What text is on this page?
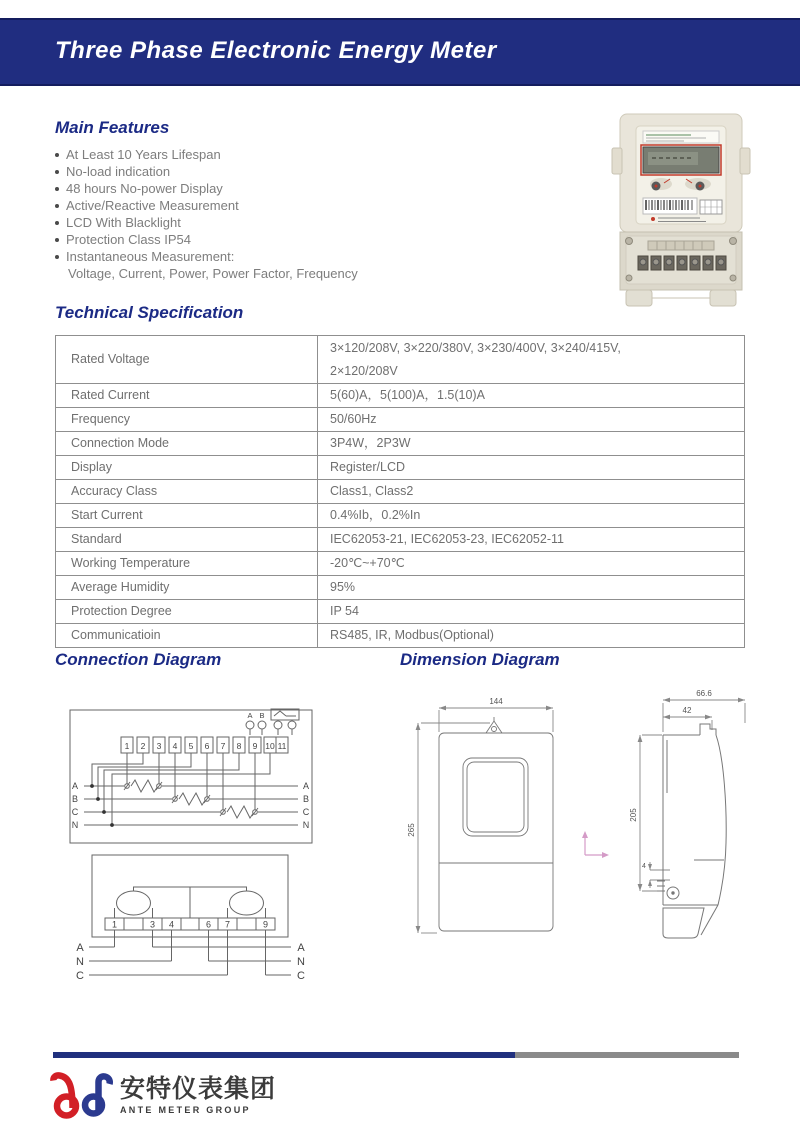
Three Phase Electronic Energy Meter
Main Features
At Least 10 Years Lifespan
No-load indication
48 hours No-power Display
Active/Reactive Measurement
LCD With Blacklight
Protection Class IP54
Instantaneous Measurement:
Voltage, Current, Power, Power Factor, Frequency
Technical Specification
Rated Voltage	3×120/208V, 3×220/380V, 3×230/400V, 3×240/415V,
2×120/208V

Rated Current	5(60)A，5(100)A，1.5(10)A
Frequency	50/60Hz
Connection Mode	3P4W，2P3W
Display	Register/LCD
Accuracy Class	Class1, Class2
Start Current	0.4%Ib，0.2%In
Standard	IEC62053-21, IEC62053-23, IEC62052-11
Working Temperature	-20℃~+70℃
Average Humidity	95%
Protection Degree	IP 54
Communicatioin	RS485, IR, Modbus(Optional)
Connection Diagram	Dimension Diagram
1 2 3 4 5 6 7 8 9 10 11
A B
A
B
C
N
A
B
C
N
1	3 4	6 7	9
A
N
C
A
N
C
144
265
66.6
42
205
4
安特仪表集团
ANTE METER GROUP
